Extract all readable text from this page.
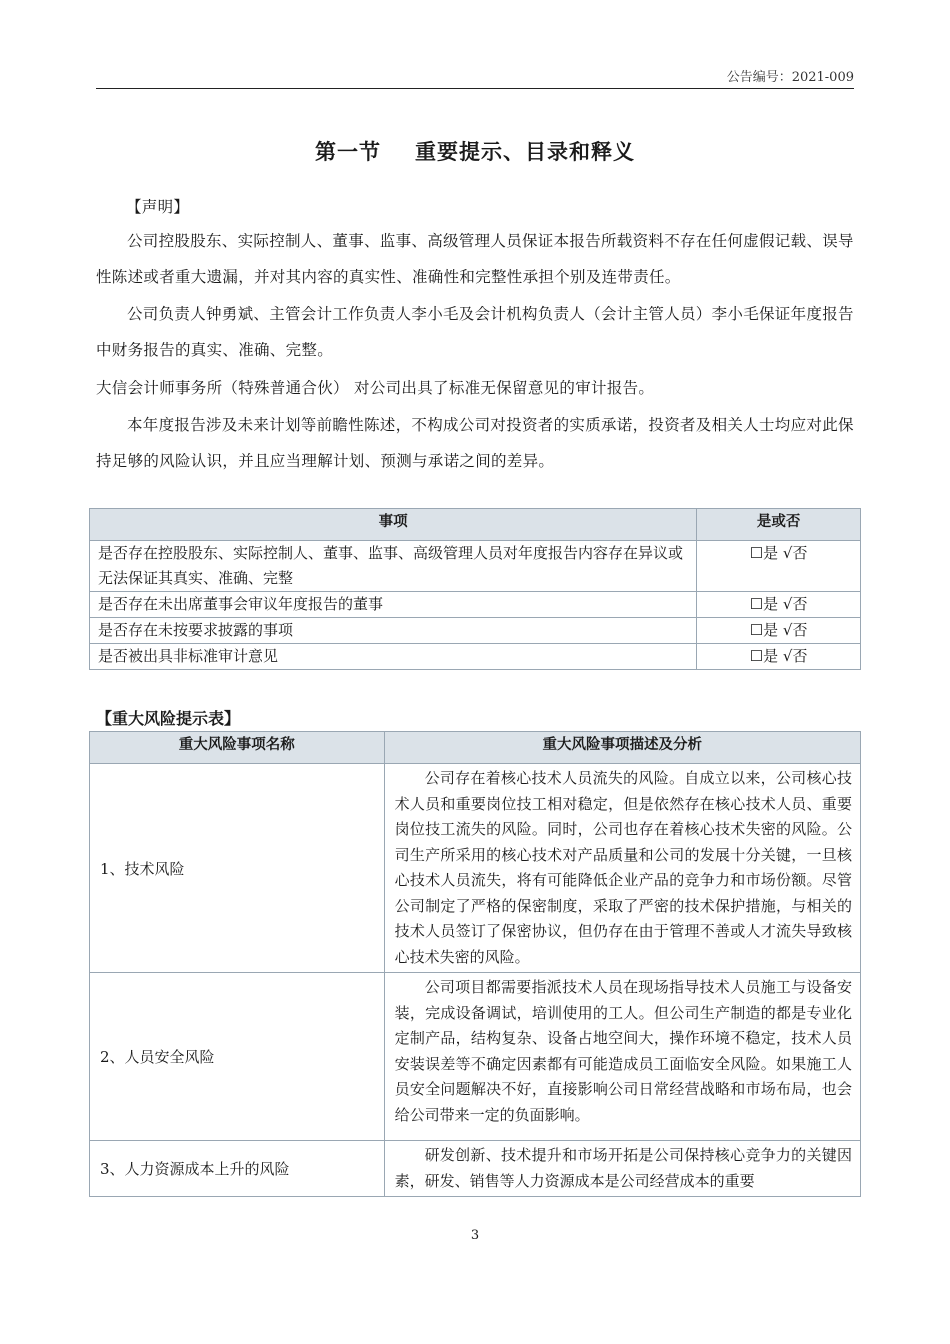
公告编号：2021-009
第一节 重要提示、目录和释义
【声明】
公司控股股东、实际控制人、董事、监事、高级管理人员保证本报告所载资料不存在任何虚假记载、误导性陈述或者重大遗漏，并对其内容的真实性、准确性和完整性承担个别及连带责任。
公司负责人钟勇斌、主管会计工作负责人李小毛及会计机构负责人（会计主管人员）李小毛保证年度报告中财务报告的真实、准确、完整。
大信会计师事务所（特殊普通合伙） 对公司出具了标准无保留意见的审计报告。
本年度报告涉及未来计划等前瞻性陈述，不构成公司对投资者的实质承诺，投资者及相关人士均应对此保持足够的风险认识，并且应当理解计划、预测与承诺之间的差异。
事项	是或否
是否存在控股股东、实际控制人、董事、监事、高级管理人员对年度报告内容存在异议或无法保证其真实、准确、完整	☐是 √否
是否存在未出席董事会审议年度报告的董事	☐是 √否
是否存在未按要求披露的事项	☐是 √否
是否被出具非标准审计意见	☐是 √否
【重大风险提示表】
重大风险事项名称	重大风险事项描述及分析
1、技术风险	公司存在着核心技术人员流失的风险。自成立以来，公司核心技术人员和重要岗位技工相对稳定，但是依然存在核心技术人员、重要岗位技工流失的风险。同时，公司也存在着核心技术失密的风险。公司生产所采用的核心技术对产品质量和公司的发展十分关键，一旦核心技术人员流失，将有可能降低企业产品的竞争力和市场份额。尽管公司制定了严格的保密制度，采取了严密的技术保护措施，与相关的技术人员签订了保密协议，但仍存在由于管理不善或人才流失导致核心技术失密的风险。
2、人员安全风险	公司项目都需要指派技术人员在现场指导技术人员施工与设备安装，完成设备调试，培训使用的工人。但公司生产制造的都是专业化定制产品，结构复杂、设备占地空间大，操作环境不稳定，技术人员安装误差等不确定因素都有可能造成员工面临安全风险。如果施工人员安全问题解决不好，直接影响公司日常经营战略和市场布局，也会给公司带来一定的负面影响。
3、人力资源成本上升的风险	研发创新、技术提升和市场开拓是公司保持核心竞争力的关键因素，研发、销售等人力资源成本是公司经营成本的重要
3
